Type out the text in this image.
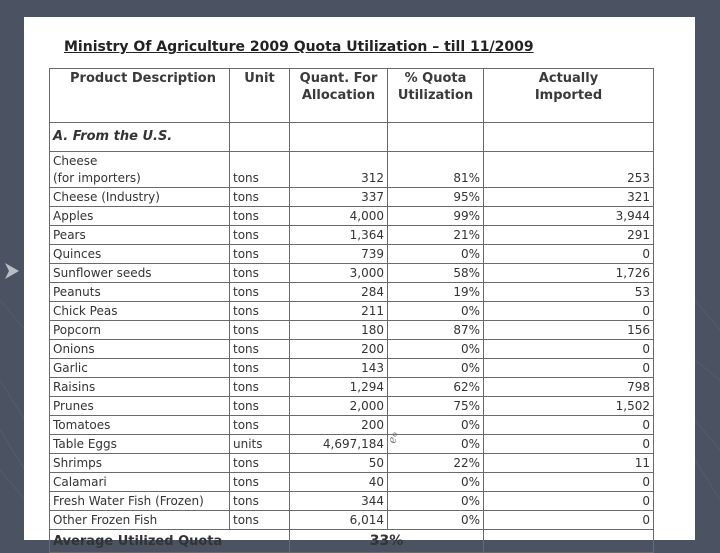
Ministry Of Agriculture 2009 Quota Utilization – till 11/2009
Product Description	Unit	Quant. For Allocation	% Quota Utilization	Actually Imported
A. From the U.S.				
Cheese
(for importers)	tons	312	81%	253
Cheese (Industry)	tons	337	95%	321
Apples	tons	4,000	99%	3,944
Pears	tons	1,364	21%	291
Quinces	tons	739	0%	0
Sunflower seeds	tons	3,000	58%	1,726
Peanuts	tons	284	19%	53
Chick Peas	tons	211	0%	0
Popcorn	tons	180	87%	156
Onions	tons	200	0%	0
Garlic	tons	143	0%	0
Raisins	tons	1,294	62%	798
Prunes	tons	2,000	75%	1,502
Tomatoes	tons	200	0%	0
Table Eggs	units	4,697,184	0%	0
Shrimps	tons	50	22%	11
Calamari	tons	40	0%	0
Fresh Water Fish (Frozen)	tons	344	0%	0
Other Frozen Fish	tons	6,014	0%	0
Average Utilized Quota		33%		
ℯℴ
